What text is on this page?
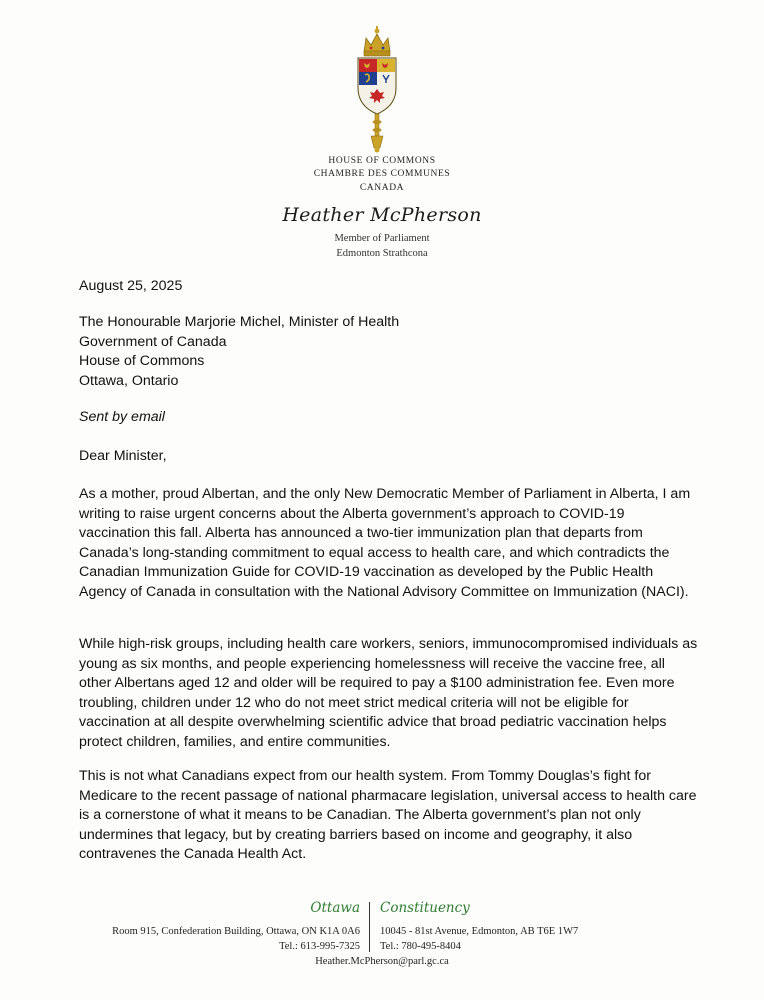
HOUSE OF COMMONS
CHAMBRE DES COMMUNES
CANADA
Heather McPherson
Member of Parliament
Edmonton Strathcona
August 25, 2025
The Honourable Marjorie Michel, Minister of Health
Government of Canada
House of Commons
Ottawa, Ontario
Sent by email
Dear Minister,

As a mother, proud Albertan, and the only New Democratic Member of Parliament in Alberta, I am writing to raise urgent concerns about the Alberta government’s approach to COVID-19 vaccination this fall. Alberta has announced a two-tier immunization plan that departs from Canada’s long-standing commitment to equal access to health care, and which contradicts the Canadian Immunization Guide for COVID-19 vaccination as developed by the Public Health Agency of Canada in consultation with the National Advisory Committee on Immunization (NACI).

While high-risk groups, including health care workers, seniors, immunocompromised individuals as young as six months, and people experiencing homelessness will receive the vaccine free, all other Albertans aged 12 and older will be required to pay a $100 administration fee. Even more troubling, children under 12 who do not meet strict medical criteria will not be eligible for vaccination at all despite overwhelming scientific advice that broad pediatric vaccination helps protect children, families, and entire communities.

This is not what Canadians expect from our health system. From Tommy Douglas’s fight for Medicare to the recent passage of national pharmacare legislation, universal access to health care is a cornerstone of what it means to be Canadian. The Alberta government’s plan not only undermines that legacy, but by creating barriers based on income and geography, it also contravenes the Canada Health Act.

Ottawa Constituency
Room 915, Confederation Building, Ottawa, ON K1A 0A6
Tel.: 613-995-7325
10045 - 81st Avenue, Edmonton, AB T6E 1W7
Tel.: 780-495-8404
Heather.McPherson@parl.gc.ca
